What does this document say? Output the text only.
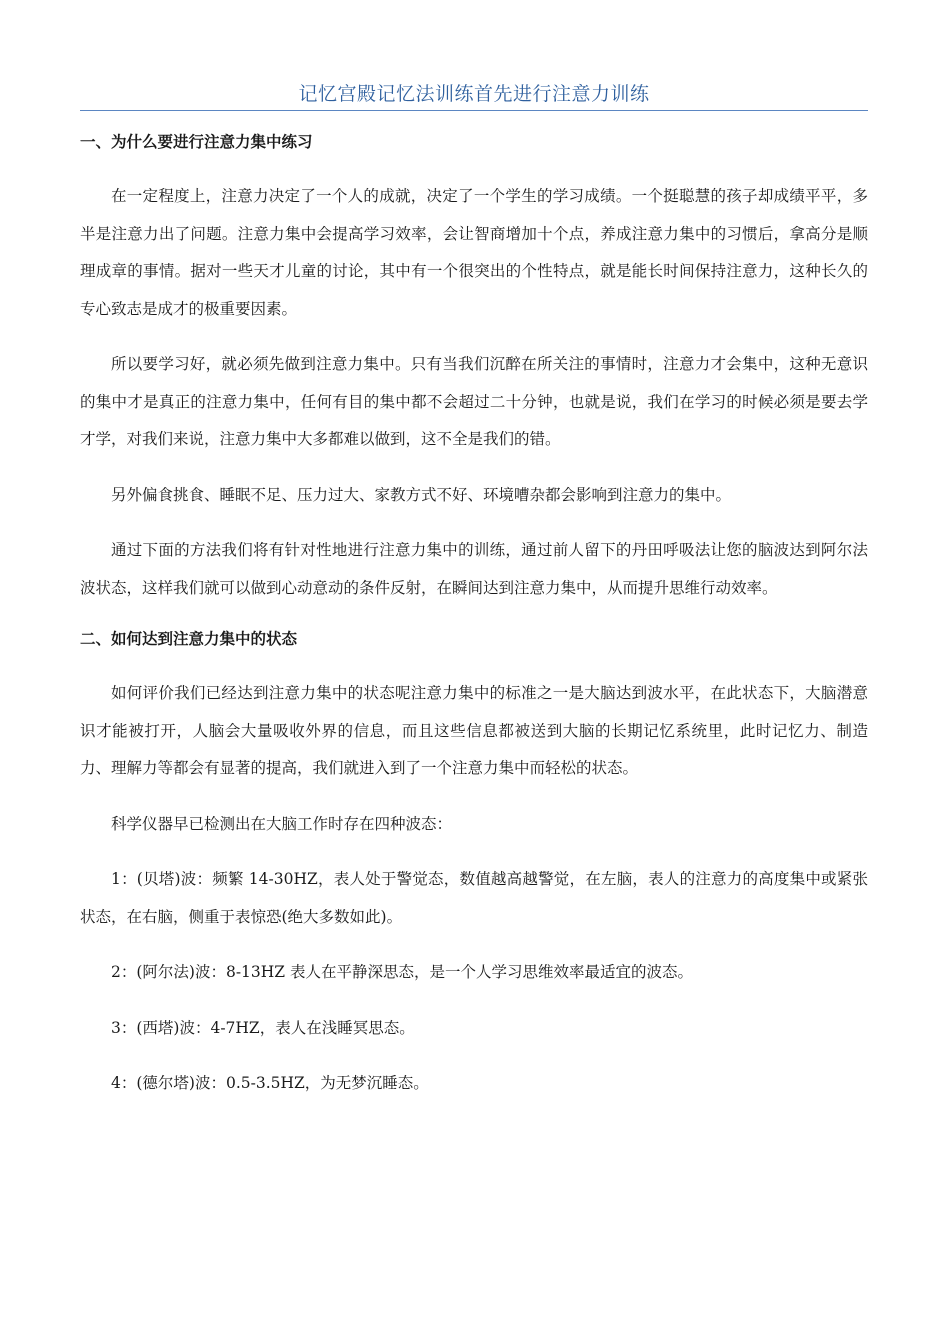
记忆宫殿记忆法训练首先进行注意力训练

一、为什么要进行注意力集中练习

在一定程度上，注意力决定了一个人的成就，决定了一个学生的学习成绩。一个挺聪慧的孩子却成绩平平，多半是注意力出了问题。注意力集中会提高学习效率，会让智商增加十个点，养成注意力集中的习惯后，拿高分是顺理成章的事情。据对一些天才儿童的讨论，其中有一个很突出的个性特点，就是能长时间保持注意力，这种长久的专心致志是成才的极重要因素。

所以要学习好，就必须先做到注意力集中。只有当我们沉醉在所关注的事情时，注意力才会集中，这种无意识的集中才是真正的注意力集中，任何有目的集中都不会超过二十分钟，也就是说，我们在学习的时候必须是要去学才学，对我们来说，注意力集中大多都难以做到，这不全是我们的错。

另外偏食挑食、睡眠不足、压力过大、家教方式不好、环境嘈杂都会影响到注意力的集中。

通过下面的方法我们将有针对性地进行注意力集中的训练，通过前人留下的丹田呼吸法让您的脑波达到阿尔法波状态，这样我们就可以做到心动意动的条件反射，在瞬间达到注意力集中，从而提升思维行动效率。

二、如何达到注意力集中的状态

如何评价我们已经达到注意力集中的状态呢注意力集中的标准之一是大脑达到波水平，在此状态下，大脑潜意识才能被打开，人脑会大量吸收外界的信息，而且这些信息都被送到大脑的长期记忆系统里，此时记忆力、制造力、理解力等都会有显著的提高，我们就进入到了一个注意力集中而轻松的状态。

科学仪器早已检测出在大脑工作时存在四种波态：

1：(贝塔)波：频繁 14-30HZ，表人处于警觉态，数值越高越警觉，在左脑，表人的注意力的高度集中或紧张状态，在右脑，侧重于表惊恐(绝大多数如此)。

2：(阿尔法)波：8-13HZ 表人在平静深思态，是一个人学习思维效率最适宜的波态。

3：(西塔)波：4-7HZ，表人在浅睡冥思态。

4：(德尔塔)波：0.5-3.5HZ，为无梦沉睡态。
